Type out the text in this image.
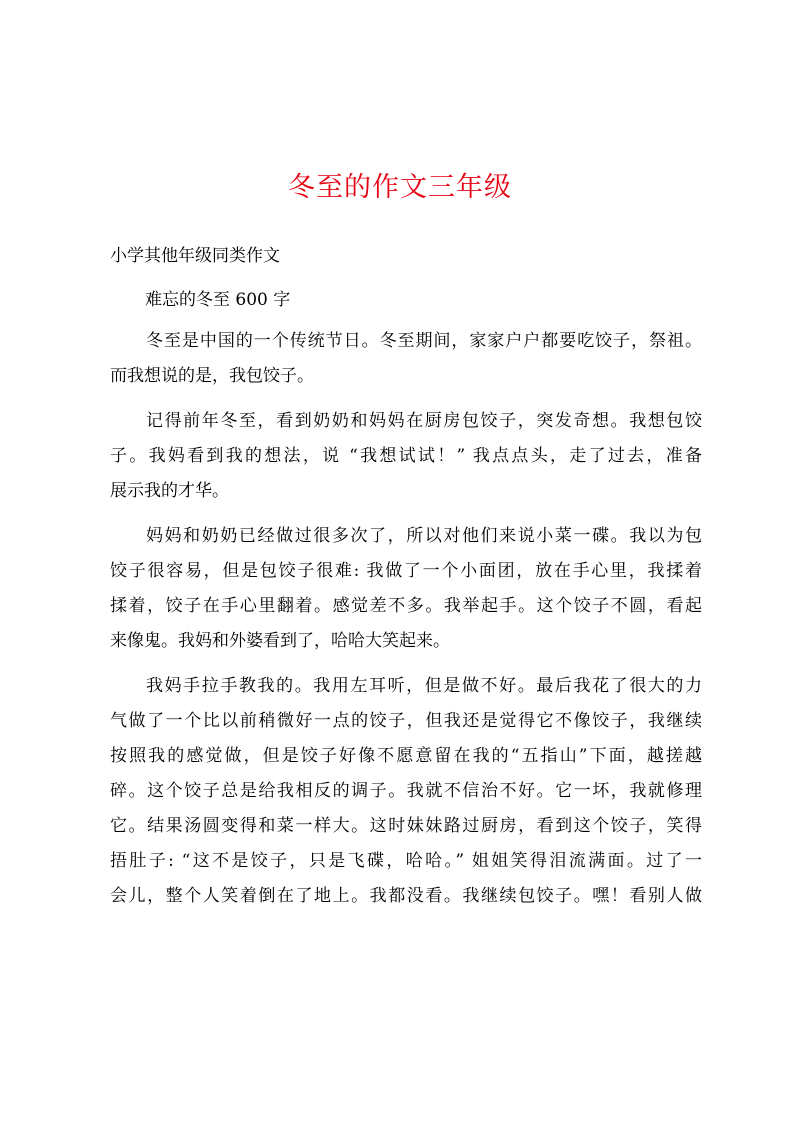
冬至的作文三年级
小学其他年级同类作文
难忘的冬至 600 字

冬至是中国的一个传统节日。冬至期间，家家户户都要吃饺子，祭祖。
而我想说的是，我包饺子。

记得前年冬至，看到奶奶和妈妈在厨房包饺子，突发奇想。我想包饺
子。我妈看到我的想法，说 “我想试试！” 我点点头，走了过去，准备
展示我的才华。

妈妈和奶奶已经做过很多次了，所以对他们来说小菜一碟。我以为包
饺子很容易，但是包饺子很难: 我做了一个小面团，放在手心里，我揉着
揉着，饺子在手心里翻着。感觉差不多。我举起手。这个饺子不圆，看起
来像鬼。我妈和外婆看到了，哈哈大笑起来。

我妈手拉手教我的。我用左耳听，但是做不好。最后我花了很大的力
气做了一个比以前稍微好一点的饺子，但我还是觉得它不像饺子，我继续
按照我的感觉做，但是饺子好像不愿意留在我的“五指山”下面，越搓越
碎。这个饺子总是给我相反的调子。我就不信治不好。它一坏，我就修理
它。结果汤圆变得和菜一样大。这时妹妹路过厨房，看到这个饺子，笑得
捂肚子: “这不是饺子，只是飞碟，哈哈。” 姐姐笑得泪流满面。过了一
会儿，整个人笑着倒在了地上。我都没看。我继续包饺子。嘿！看别人做
